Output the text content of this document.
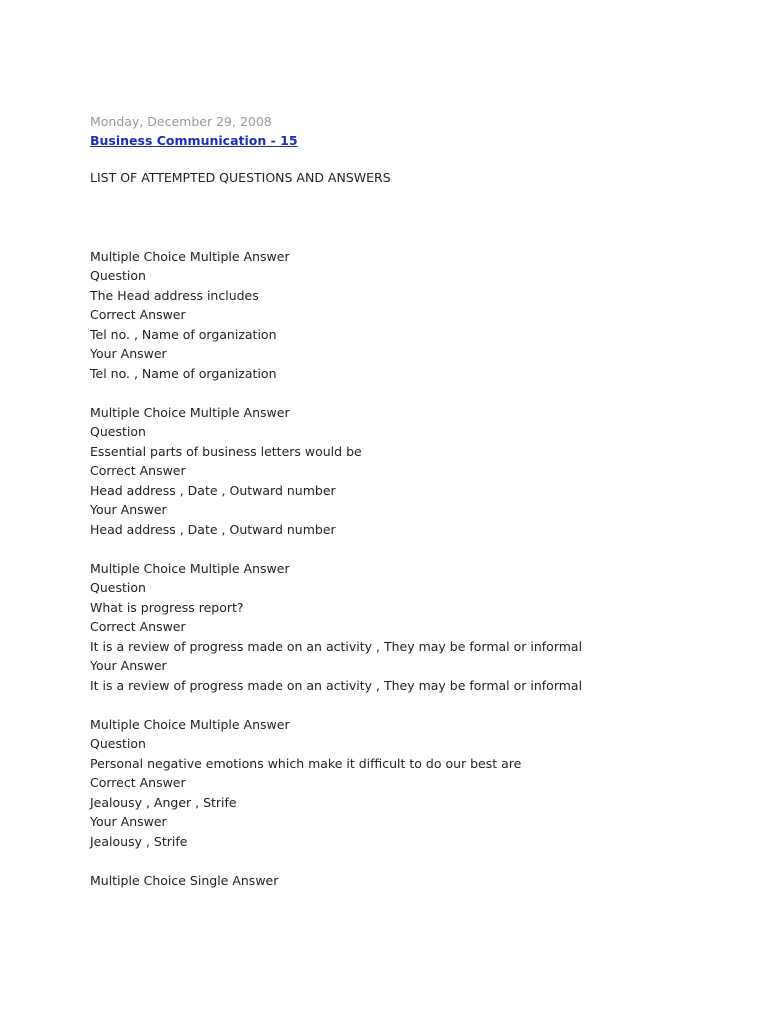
Monday, December 29, 2008
Business Communication - 15
LIST OF ATTEMPTED QUESTIONS AND ANSWERS
Multiple Choice Multiple Answer
Question
The Head address includes
Correct Answer
Tel no. , Name of organization
Your Answer
Tel no. , Name of organization
Multiple Choice Multiple Answer
Question
Essential parts of business letters would be
Correct Answer
Head address , Date , Outward number
Your Answer
Head address , Date , Outward number
Multiple Choice Multiple Answer
Question
What is progress report?
Correct Answer
It is a review of progress made on an activity , They may be formal or informal
Your Answer
It is a review of progress made on an activity , They may be formal or informal
Multiple Choice Multiple Answer
Question
Personal negative emotions which make it difficult to do our best are
Correct Answer
Jealousy , Anger , Strife
Your Answer
Jealousy , Strife
Multiple Choice Single Answer
